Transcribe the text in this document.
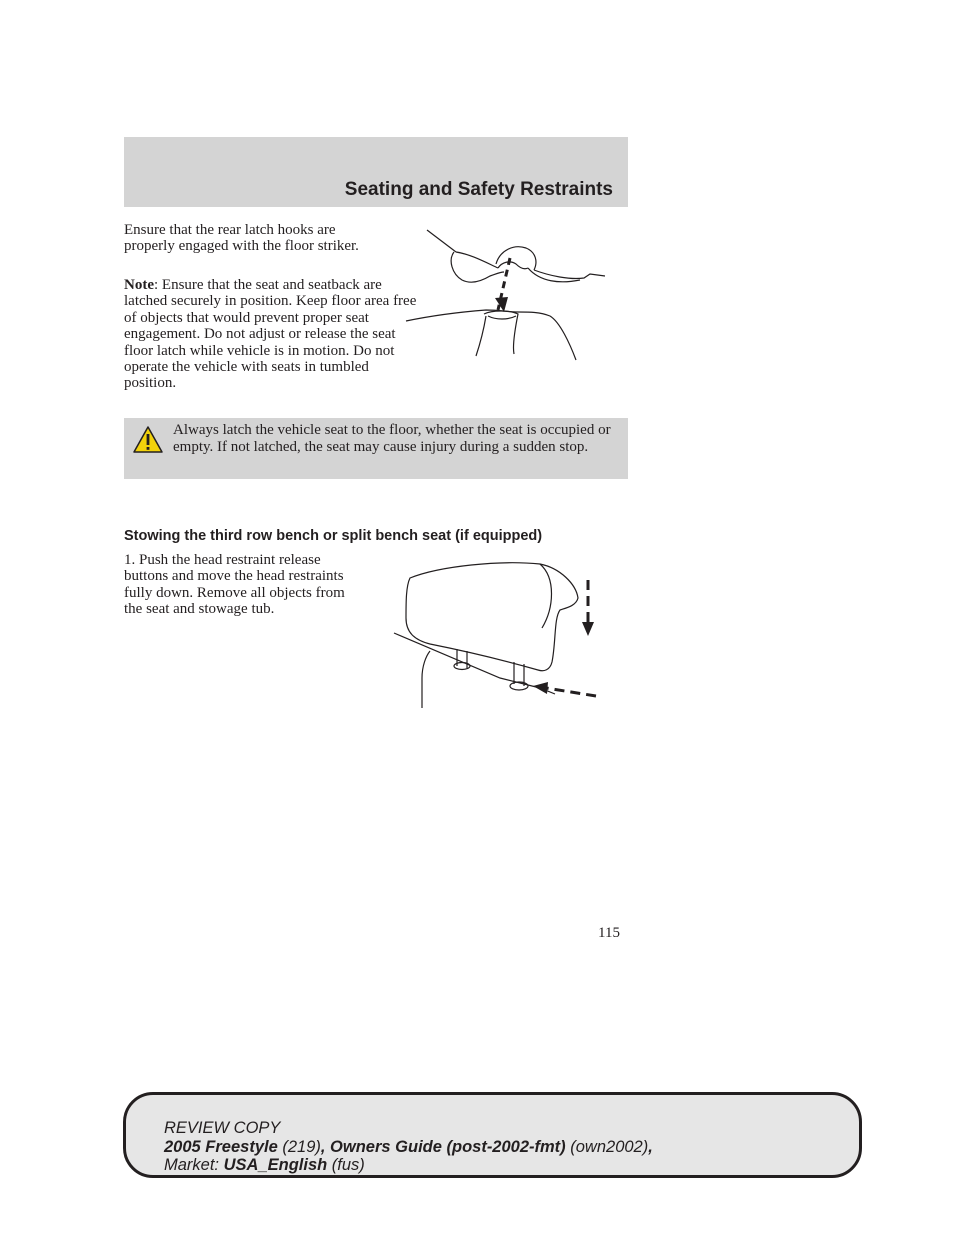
Seating and Safety Restraints

Ensure that the rear latch hooks are properly engaged with the floor striker.

Note: Ensure that the seat and seatback are latched securely in position. Keep floor area free of objects that would prevent proper seat engagement. Do not adjust or release the seat floor latch while vehicle is in motion. Do not operate the vehicle with seats in tumbled position.

Always latch the vehicle seat to the floor, whether the seat is occupied or empty. If not latched, the seat may cause injury during a sudden stop.

Stowing the third row bench or split bench seat (if equipped)

1. Push the head restraint release buttons and move the head restraints fully down. Remove all objects from the seat and stowage tub.

115
REVIEW COPY
2005 Freestyle (219), Owners Guide (post-2002-fmt) (own2002),
Market: USA_English (fus)
